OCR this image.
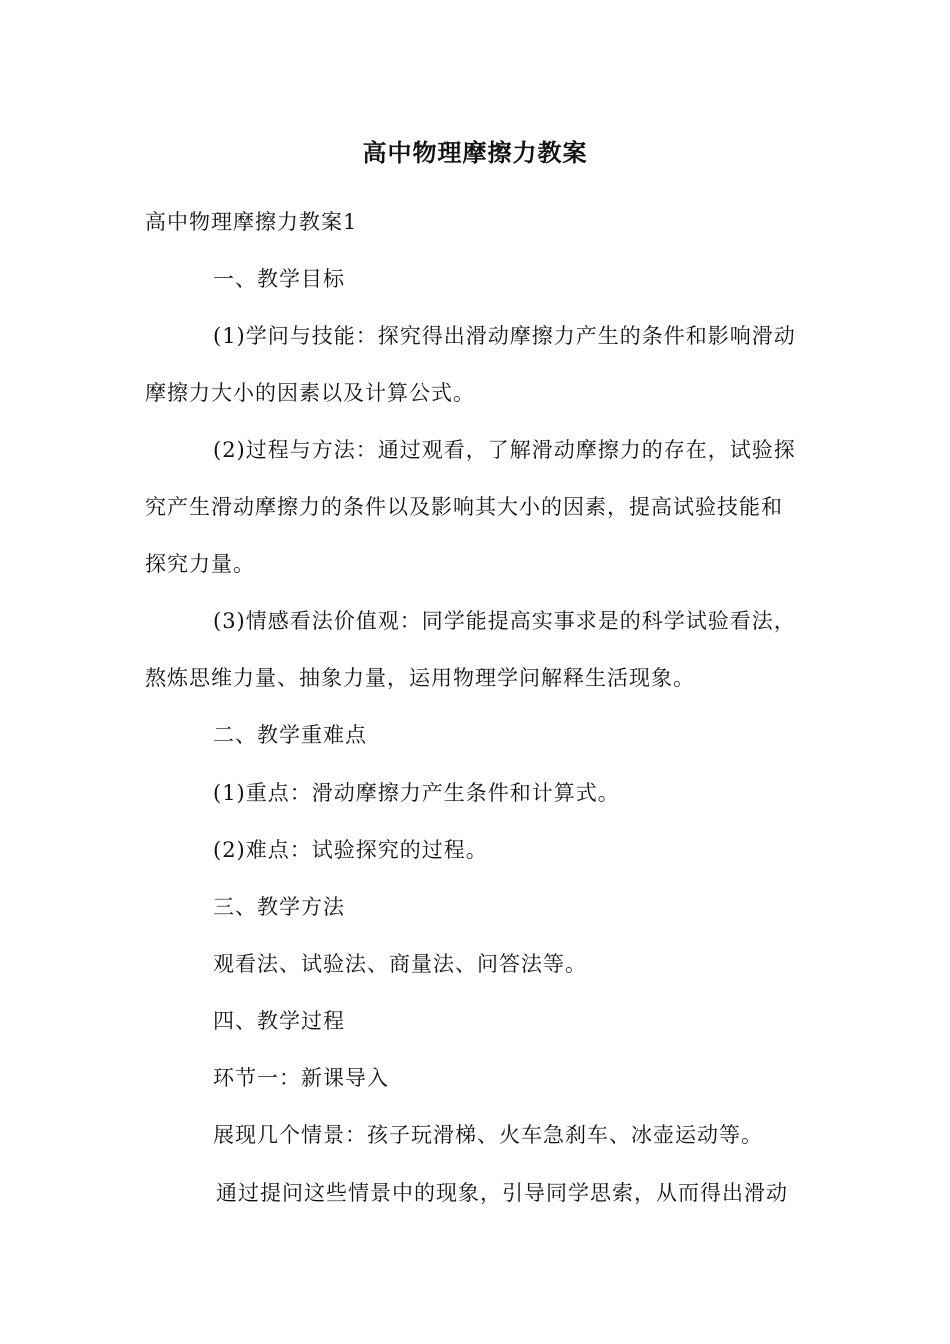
高中物理摩擦力教案
高中物理摩擦力教案1
一、教学目标
(1)学问与技能：探究得出滑动摩擦力产生的条件和影响滑动
摩擦力大小的因素以及计算公式。
(2)过程与方法：通过观看，了解滑动摩擦力的存在，试验探
究产生滑动摩擦力的条件以及影响其大小的因素，提高试验技能和
探究力量。
(3)情感看法价值观：同学能提高实事求是的科学试验看法，
熬炼思维力量、抽象力量，运用物理学问解释生活现象。
二、教学重难点
(1)重点：滑动摩擦力产生条件和计算式。
(2)难点：试验探究的过程。
三、教学方法
观看法、试验法、商量法、问答法等。
四、教学过程
环节一：新课导入
展现几个情景：孩子玩滑梯、火车急刹车、冰壶运动等。
通过提问这些情景中的现象，引导同学思索，从而得出滑动
